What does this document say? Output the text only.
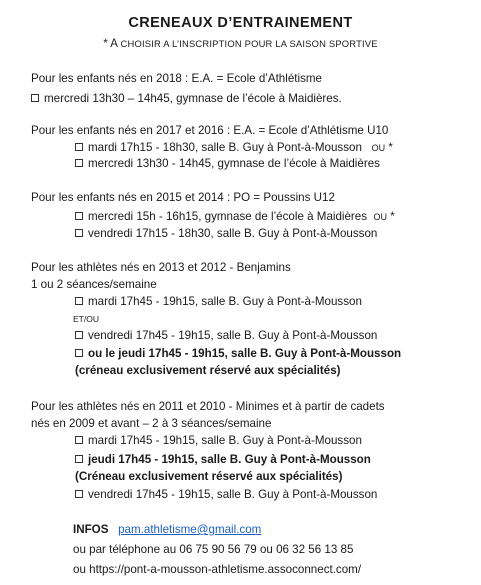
CRENEAUX D’ENTRAINEMENT
* A CHOISIR A L’INSCRIPTION POUR LA SAISON SPORTIVE
Pour les enfants nés en 2018 : E.A. = Ecole d’Athlétisme
mercredi 13h30 – 14h45, gymnase de l’école à Maidières.
Pour les enfants nés en 2017 et 2016 : E.A. = Ecole d’Athlétisme U10
mardi 17h15 - 18h30, salle B. Guy à Pont-à-Mousson OU *
mercredi 13h30 - 14h45, gymnase de l’école à Maidières
Pour les enfants nés en 2015 et 2014 : PO = Poussins U12
mercredi 15h - 16h15, gymnase de l’école à Maidières OU *
vendredi 17h15 - 18h30, salle B. Guy à Pont-à-Mousson
Pour les athlètes nés en 2013 et 2012 - Benjamins
1 ou 2 séances/semaine
mardi 17h45 - 19h15, salle B. Guy à Pont-à-Mousson
ET/OU
vendredi 17h45 - 19h15, salle B. Guy à Pont-à-Mousson
ou le jeudi 17h45 - 19h15, salle B. Guy à Pont-à-Mousson
(créneau exclusivement réservé aux spécialités)
Pour les athlètes nés en 2011 et 2010 - Minimes et à partir de cadets
nés en 2009 et avant – 2 à 3 séances/semaine
mardi 17h45 - 19h15, salle B. Guy à Pont-à-Mousson
jeudi 17h45 - 19h15, salle B. Guy à Pont-à-Mousson
(Créneau exclusivement réservé aux spécialités)
vendredi 17h45 - 19h15, salle B. Guy à Pont-à-Mousson
INFOS pam.athletisme@gmail.com
ou par téléphone au 06 75 90 56 79 ou 06 32 56 13 85
ou https://pont-a-mousson-athletisme.assoconnect.com/
